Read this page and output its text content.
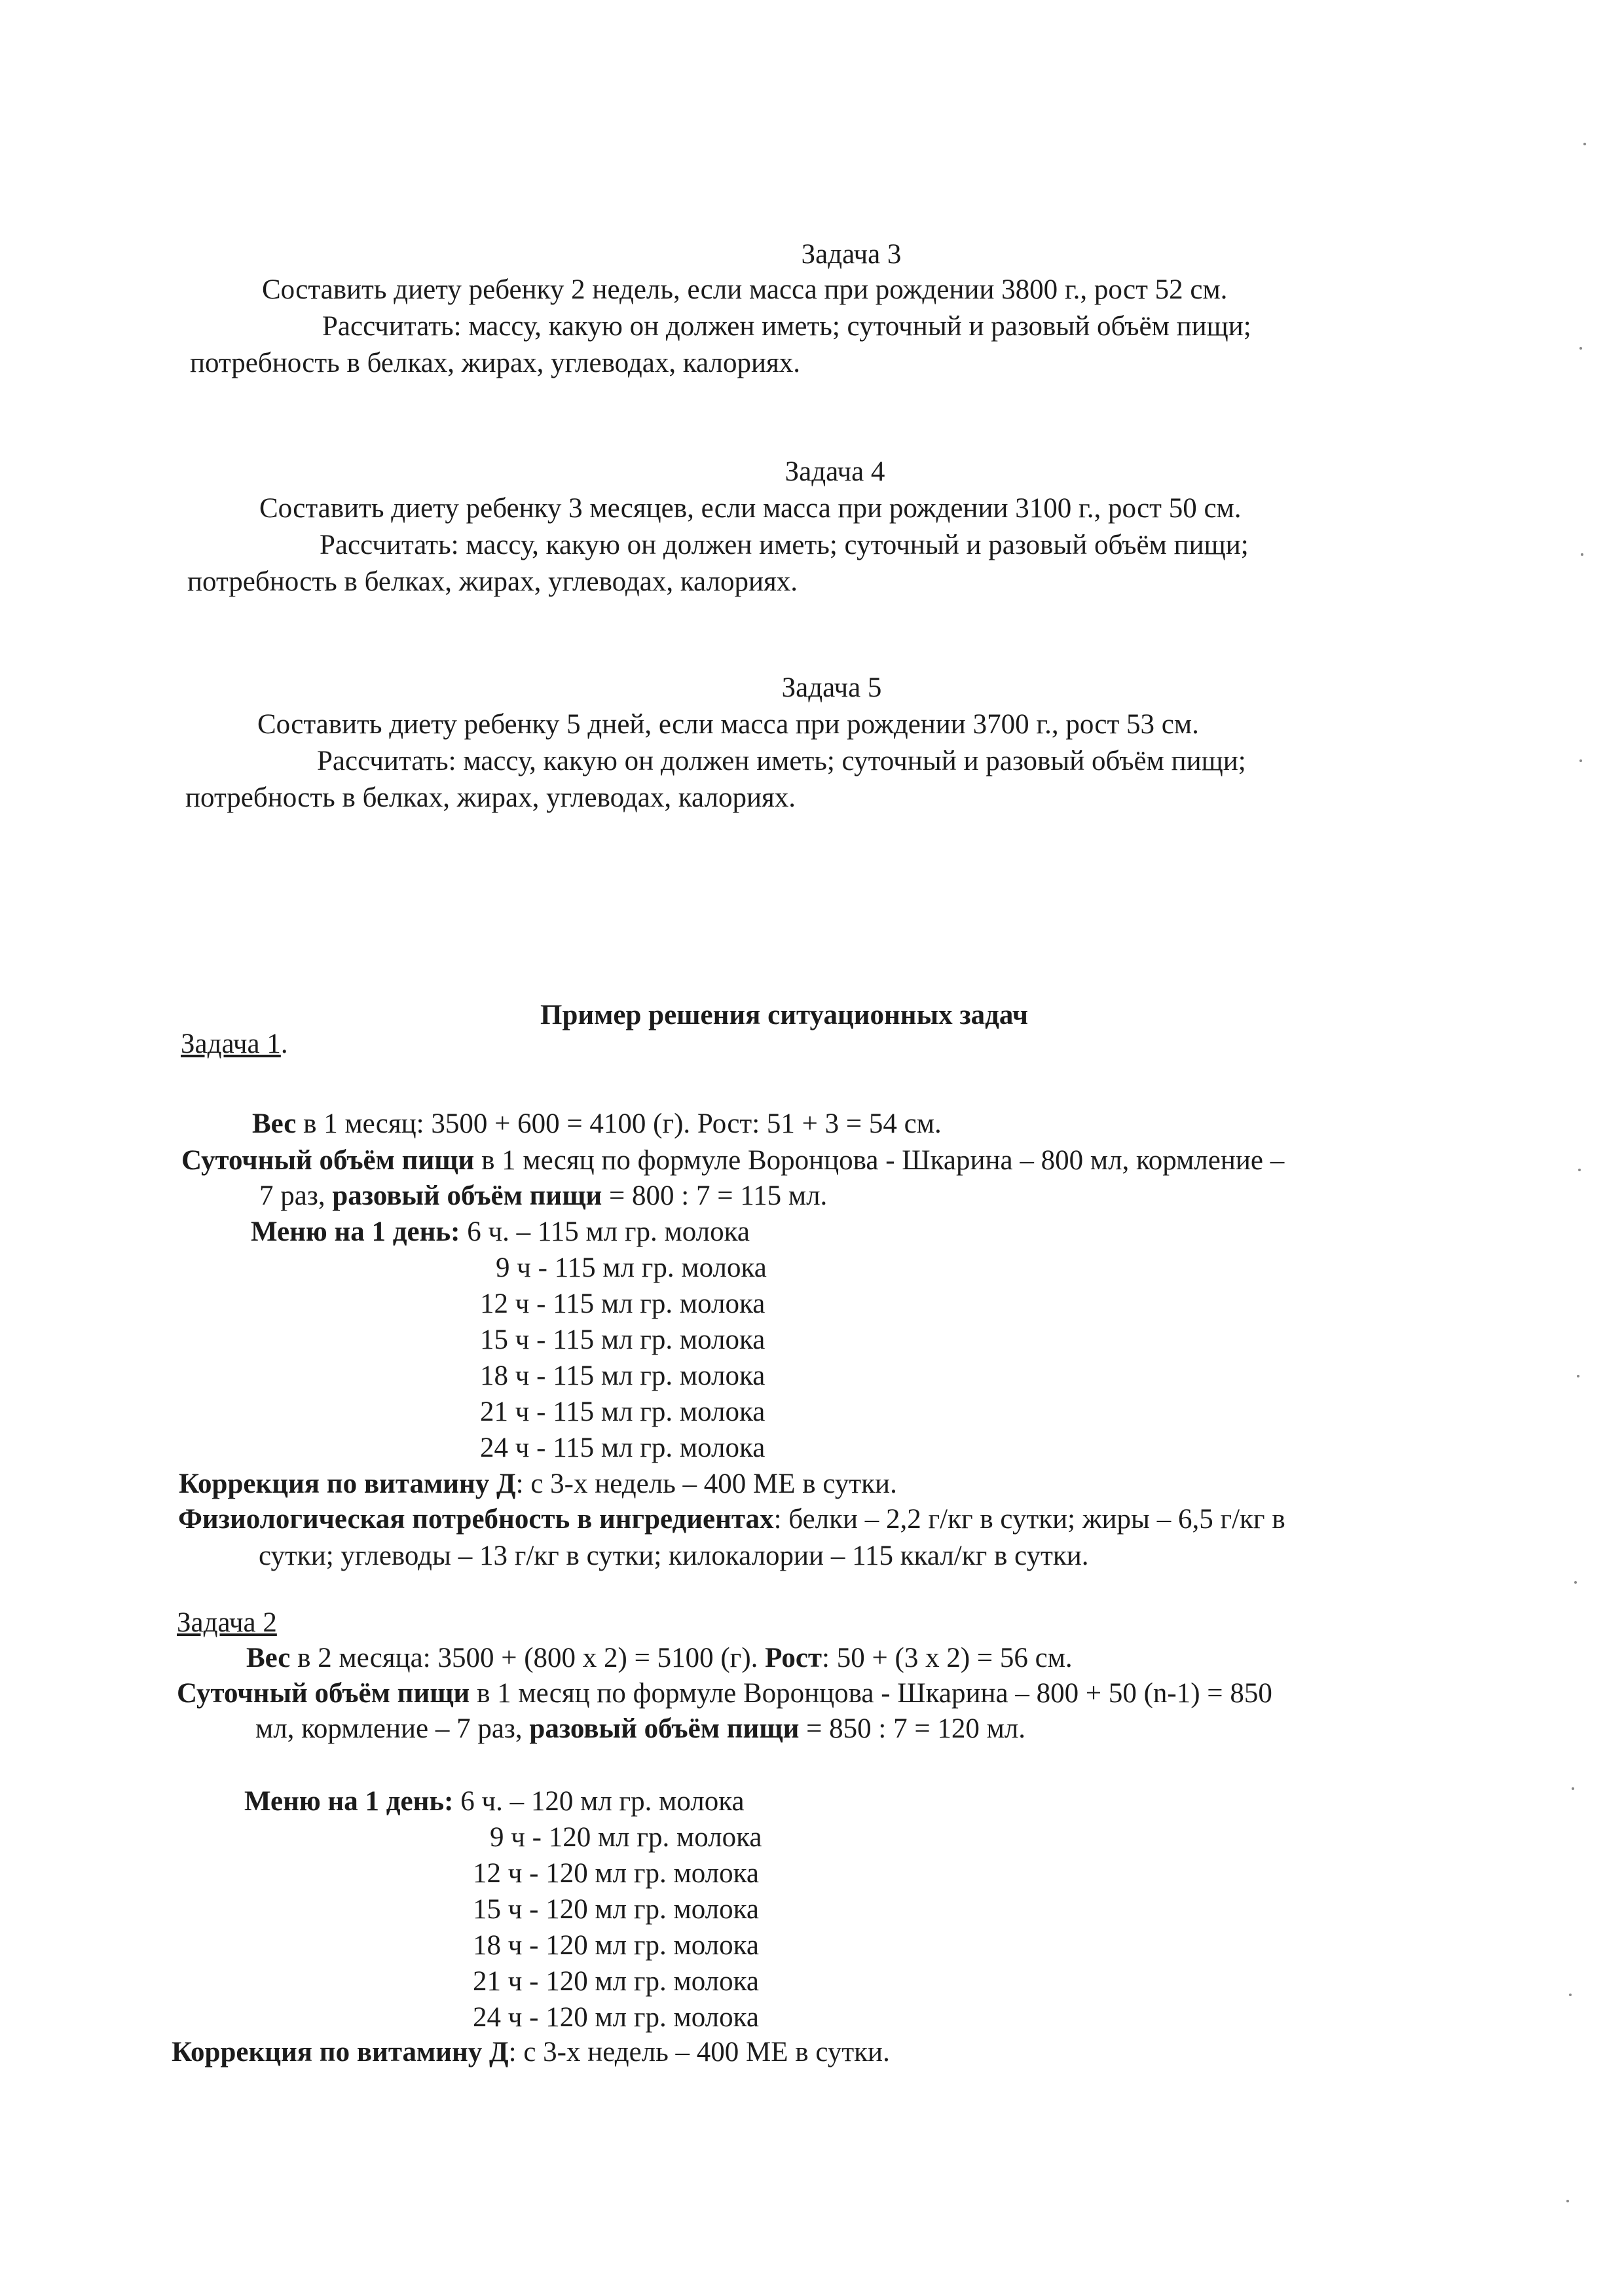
Задача 3
Составить диету ребенку 2 недель, если масса при рождении 3800 г., рост 52 см.
Рассчитать: массу, какую он должен иметь; суточный и разовый объём пищи;
потребность в белках, жирах, углеводах, калориях.
Задача 4
Составить диету ребенку 3 месяцев, если масса при рождении 3100 г., рост 50 см.
Рассчитать: массу, какую он должен иметь; суточный и разовый объём пищи;
потребность в белках, жирах, углеводах, калориях.
Задача 5
Составить диету ребенку 5 дней, если масса при рождении 3700 г., рост 53 см.
Рассчитать: массу, какую он должен иметь; суточный и разовый объём пищи;
потребность в белках, жирах, углеводах, калориях.
Пример решения ситуационных задач
Задача 1.
Вес в 1 месяц: 3500 + 600 = 4100 (г). Рост: 51 + 3 = 54 см.
Суточный объём пищи в 1 месяц по формуле Воронцова - Шкарина – 800 мл, кормление –
7 раз, разовый объём пищи = 800 : 7 = 115 мл.
Меню на 1 день: 6 ч. – 115 мл гр. молока
9 ч - 115 мл гр. молока
12 ч - 115 мл гр. молока
15 ч - 115 мл гр. молока
18 ч - 115 мл гр. молока
21 ч - 115 мл гр. молока
24 ч - 115 мл гр. молока
Коррекция по витамину Д: с 3-х недель – 400 МЕ в сутки.
Физиологическая потребность в ингредиентах: белки – 2,2 г/кг в сутки; жиры – 6,5 г/кг в
сутки; углеводы – 13 г/кг в сутки; килокалории – 115 ккал/кг в сутки.
Задача 2
Вес в 2 месяца: 3500 + (800 х 2) = 5100 (г). Рост: 50 + (3 х 2) = 56 см.
Суточный объём пищи в 1 месяц по формуле Воронцова - Шкарина – 800 + 50 (n-1) = 850
мл, кормление – 7 раз, разовый объём пищи = 850 : 7 = 120 мл.
Меню на 1 день: 6 ч. – 120 мл гр. молока
9 ч - 120 мл гр. молока
12 ч - 120 мл гр. молока
15 ч - 120 мл гр. молока
18 ч - 120 мл гр. молока
21 ч - 120 мл гр. молока
24 ч - 120 мл гр. молока
Коррекция по витамину Д: с 3-х недель – 400 МЕ в сутки.
